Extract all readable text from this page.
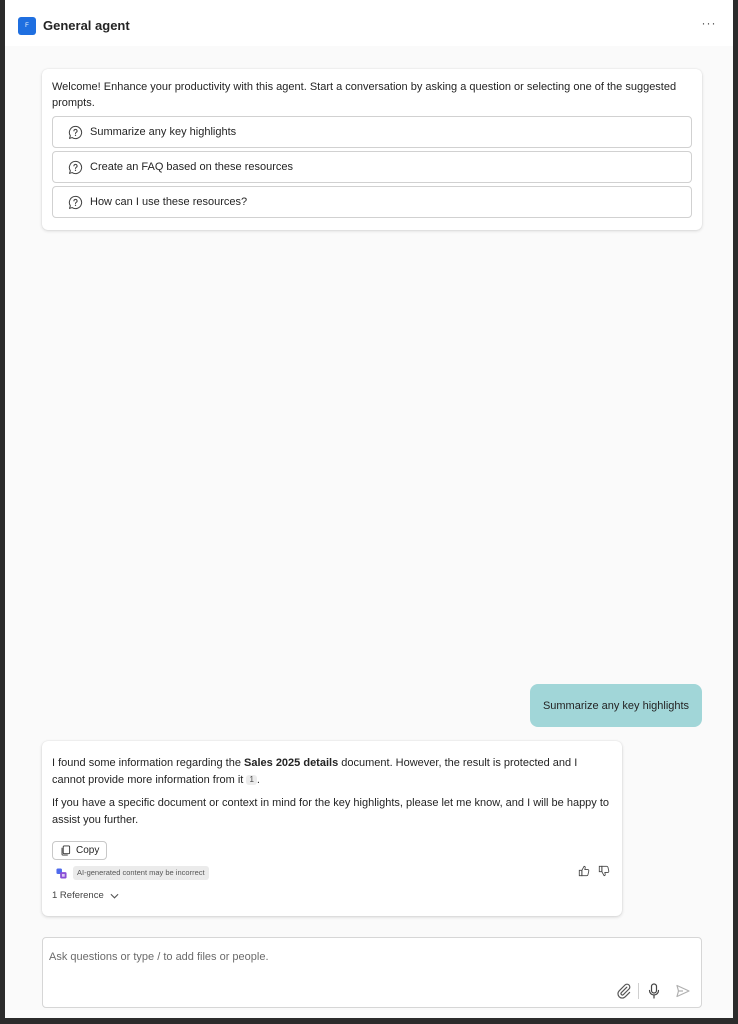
F General agent	···

Welcome! Enhance your productivity with this agent. Start a conversation by asking a question or selecting one of the suggested prompts.

Summarize any key highlights
Create an FAQ based on these resources
How can I use these resources?
Summarize any key highlights

I found some information regarding the Sales 2025 details document. However, the result is protected and I cannot provide more information from it 1 .

If you have a specific document or context in mind for the key highlights, please let me know, and I will be happy to assist you further.

Copy
AI-generated content may be incorrect
1 Reference
Ask questions or type / to add files or people.
